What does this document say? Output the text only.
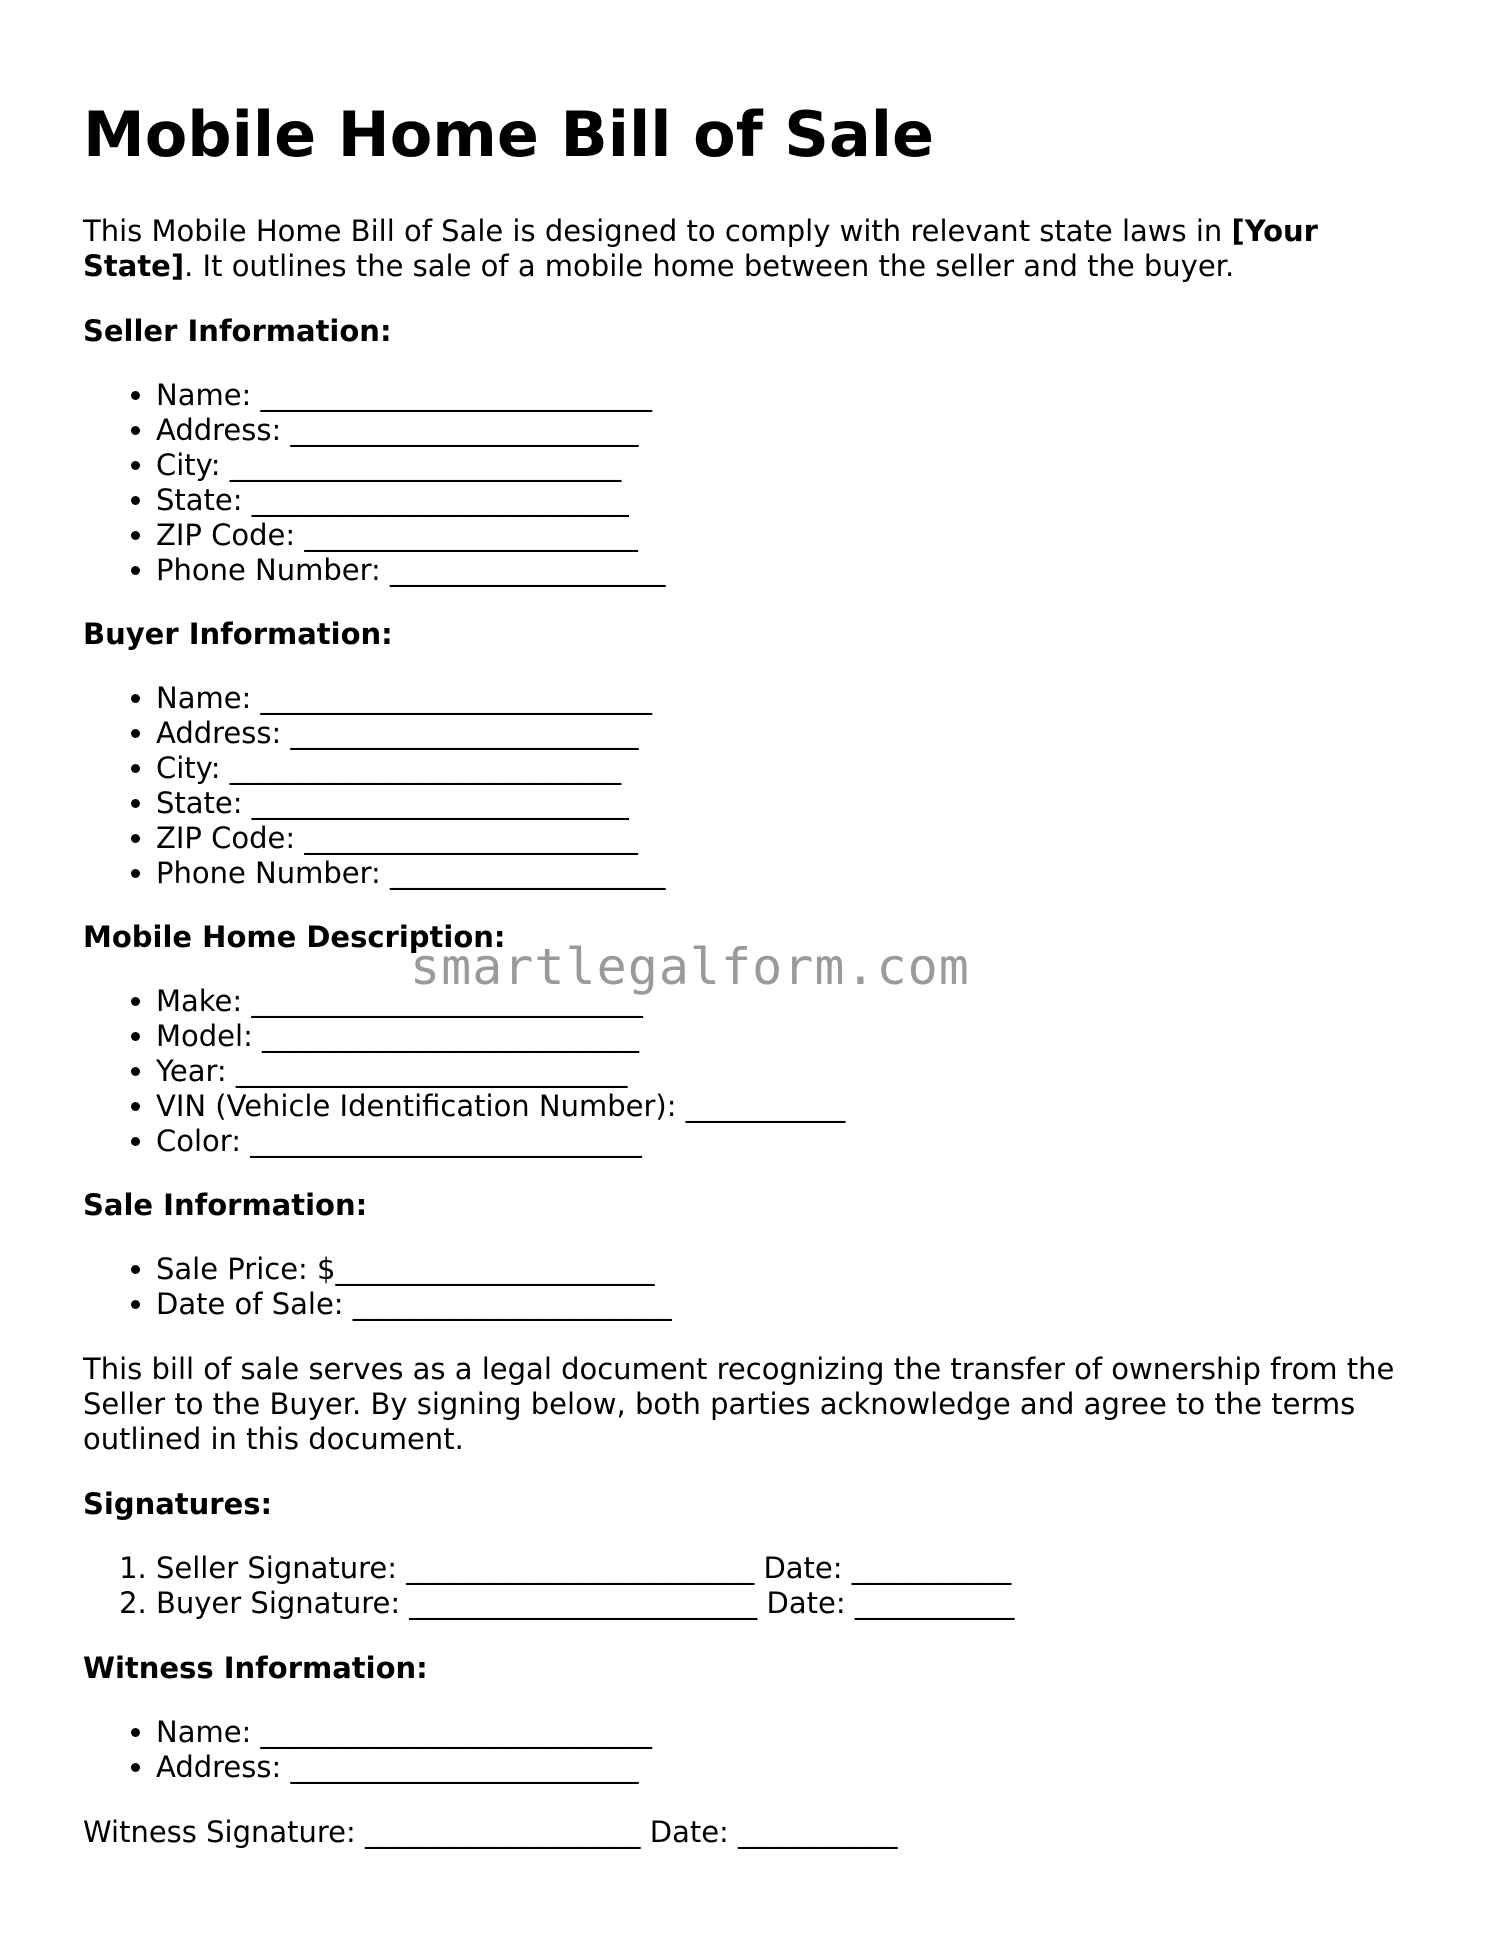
Mobile Home Bill of Sale

This Mobile Home Bill of Sale is designed to comply with relevant state laws in [Your State]. It outlines the sale of a mobile home between the seller and the buyer.

Seller Information:

• Name: ___________________________
• Address: ________________________
• City: ___________________________
• State: __________________________
• ZIP Code: _______________________
• Phone Number: ___________________

Buyer Information:

• Name: ___________________________
• Address: ________________________
• City: ___________________________
• State: __________________________
• ZIP Code: _______________________
• Phone Number: ___________________

Mobile Home Description:

• Make: ___________________________
• Model: __________________________
• Year: ___________________________
• VIN (Vehicle Identification Number): ___________
• Color: ___________________________

Sale Information:

• Sale Price: $______________________
• Date of Sale: ______________________

This bill of sale serves as a legal document recognizing the transfer of ownership from the Seller to the Buyer. By signing below, both parties acknowledge and agree to the terms outlined in this document.

Signatures:

1. Seller Signature: ________________________ Date: ___________
2. Buyer Signature: ________________________ Date: ___________

Witness Information:

• Name: ___________________________
• Address: ________________________
Witness Signature: ___________________ Date: ___________
smartlegalform.com
